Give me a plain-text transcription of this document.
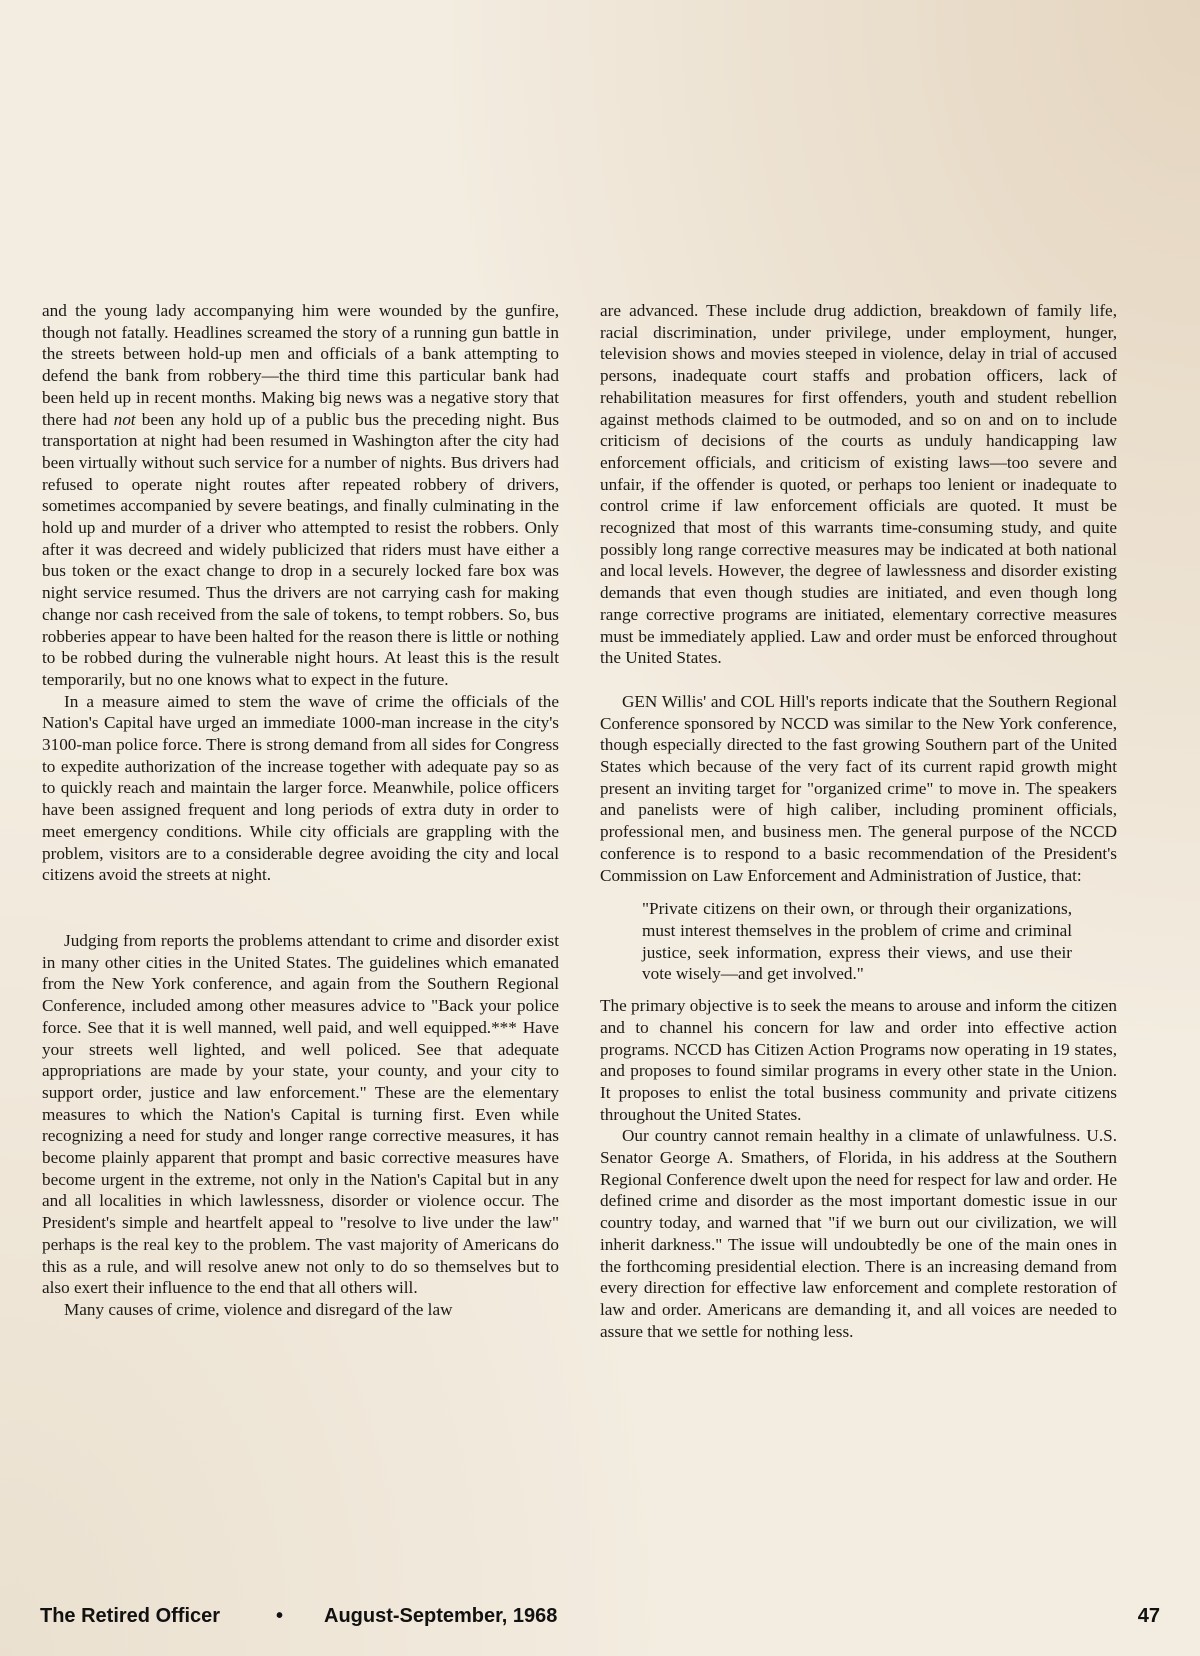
and the young lady accompanying him were wounded by the gunfire, though not fatally. Headlines screamed the story of a running gun battle in the streets between hold-up men and officials of a bank attempting to defend the bank from robbery—the third time this particular bank had been held up in recent months. Making big news was a negative story that there had not been any hold up of a public bus the preceding night. Bus transportation at night had been resumed in Washington after the city had been virtually without such service for a number of nights. Bus drivers had refused to operate night routes after repeated robbery of drivers, sometimes accompanied by severe beatings, and finally culminating in the hold up and murder of a driver who attempted to resist the robbers. Only after it was decreed and widely publicized that riders must have either a bus token or the exact change to drop in a securely locked fare box was night service resumed. Thus the drivers are not carrying cash for making change nor cash received from the sale of tokens, to tempt robbers. So, bus robberies appear to have been halted for the reason there is little or nothing to be robbed during the vulnerable night hours. At least this is the result temporarily, but no one knows what to expect in the future.

In a measure aimed to stem the wave of crime the officials of the Nation's Capital have urged an immediate 1000-man increase in the city's 3100-man police force. There is strong demand from all sides for Congress to expedite authorization of the increase together with adequate pay so as to quickly reach and maintain the larger force. Meanwhile, police officers have been assigned frequent and long periods of extra duty in order to meet emergency conditions. While city officials are grappling with the problem, visitors are to a considerable degree avoiding the city and local citizens avoid the streets at night.

Judging from reports the problems attendant to crime and disorder exist in many other cities in the United States. The guidelines which emanated from the New York conference, and again from the Southern Regional Conference, included among other measures advice to "Back your police force. See that it is well manned, well paid, and well equipped.*** Have your streets well lighted, and well policed. See that adequate appropriations are made by your state, your county, and your city to support order, justice and law enforcement." These are the elementary measures to which the Nation's Capital is turning first. Even while recognizing a need for study and longer range corrective measures, it has become plainly apparent that prompt and basic corrective measures have become urgent in the extreme, not only in the Nation's Capital but in any and all localities in which lawlessness, disorder or violence occur. The President's simple and heartfelt appeal to "resolve to live under the law" perhaps is the real key to the problem. The vast majority of Americans do this as a rule, and will resolve anew not only to do so themselves but to also exert their influence to the end that all others will.

Many causes of crime, violence and disregard of the law

are advanced. These include drug addiction, breakdown of family life, racial discrimination, under privilege, under employment, hunger, television shows and movies steeped in violence, delay in trial of accused persons, inadequate court staffs and probation officers, lack of rehabilitation measures for first offenders, youth and student rebellion against methods claimed to be outmoded, and so on and on to include criticism of decisions of the courts as unduly handicapping law enforcement officials, and criticism of existing laws—too severe and unfair, if the offender is quoted, or perhaps too lenient or inadequate to control crime if law enforcement officials are quoted. It must be recognized that most of this warrants time-consuming study, and quite possibly long range corrective measures may be indicated at both national and local levels. However, the degree of lawlessness and disorder existing demands that even though studies are initiated, and even though long range corrective programs are initiated, elementary corrective measures must be immediately applied. Law and order must be enforced throughout the United States.

GEN Willis' and COL Hill's reports indicate that the Southern Regional Conference sponsored by NCCD was similar to the New York conference, though especially directed to the fast growing Southern part of the United States which because of the very fact of its current rapid growth might present an inviting target for "organized crime" to move in. The speakers and panelists were of high caliber, including prominent officials, professional men, and business men. The general purpose of the NCCD conference is to respond to a basic recommendation of the President's Commission on Law Enforcement and Administration of Justice, that:

"Private citizens on their own, or through their organizations, must interest themselves in the problem of crime and criminal justice, seek information, express their views, and use their vote wisely—and get involved."

The primary objective is to seek the means to arouse and inform the citizen and to channel his concern for law and order into effective action programs. NCCD has Citizen Action Programs now operating in 19 states, and proposes to found similar programs in every other state in the Union. It proposes to enlist the total business community and private citizens throughout the United States.

Our country cannot remain healthy in a climate of unlawfulness. U.S. Senator George A. Smathers, of Florida, in his address at the Southern Regional Conference dwelt upon the need for respect for law and order. He defined crime and disorder as the most important domestic issue in our country today, and warned that "if we burn out our civilization, we will inherit darkness." The issue will undoubtedly be one of the main ones in the forthcoming presidential election. There is an increasing demand from every direction for effective law enforcement and complete restoration of law and order. Americans are demanding it, and all voices are needed to assure that we settle for nothing less.

The Retired Officer	• August-September, 1968	47
